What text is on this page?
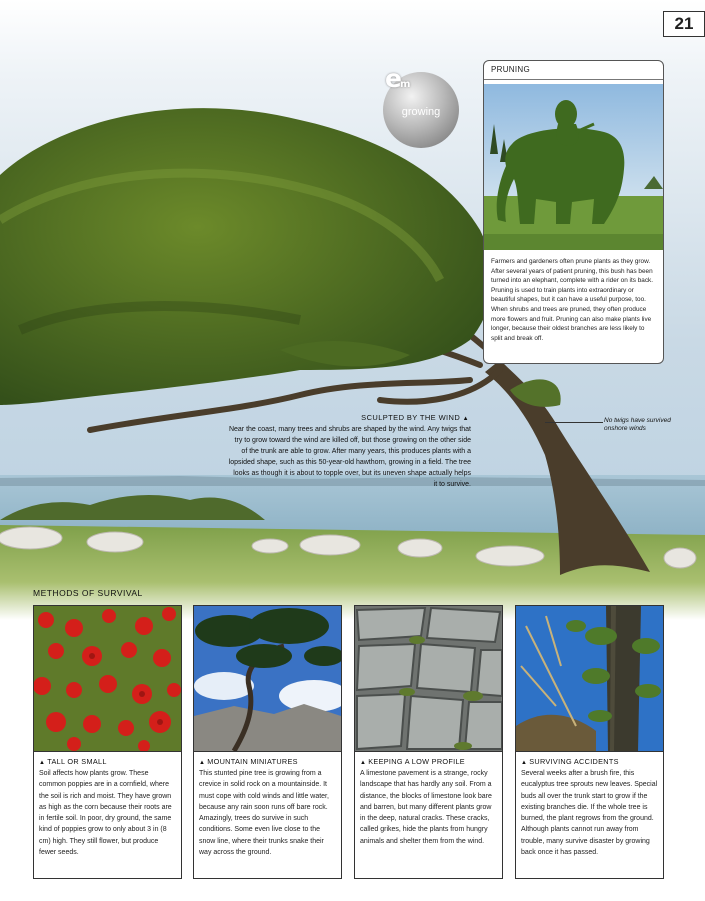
21
em
growing
PRUNING
Farmers and gardeners often prune plants as they grow. After several years of patient pruning, this bush has been turned into an elephant, complete with a rider on its back. Pruning is used to train plants into extraordinary or beautiful shapes, but it can have a useful purpose, too. When shrubs and trees are pruned, they often produce more flowers and fruit. Pruning can also make plants live longer, because their oldest branches are less likely to split and break off.
SCULPTED BY THE WIND ▲
Near the coast, many trees and shrubs are shaped by the wind. Any twigs that try to grow toward the wind are killed off, but those growing on the other side of the trunk are able to grow. After many years, this produces plants with a lopsided shape, such as this 50-year-old hawthorn, growing in a field. The tree looks as though it is about to topple over, but its uneven shape actually helps it to survive.
No twigs have survived onshore winds
METHODS OF SURVIVAL
▲ TALL OR SMALL
Soil affects how plants grow. These common poppies are in a cornfield, where the soil is rich and moist. They have grown as high as the corn because their roots are in fertile soil. In poor, dry ground, the same kind of poppies grow to only about 3 in (8 cm) high. They still flower, but produce fewer seeds.
▲ MOUNTAIN MINIATURES
This stunted pine tree is growing from a crevice in solid rock on a mountainside. It must cope with cold winds and little water, because any rain soon runs off bare rock. Amazingly, trees do survive in such conditions. Some even live close to the snow line, where their trunks snake their way across the ground.
▲ KEEPING A LOW PROFILE
A limestone pavement is a strange, rocky landscape that has hardly any soil. From a distance, the blocks of limestone look bare and barren, but many different plants grow in the deep, natural cracks. These cracks, called grikes, hide the plants from hungry animals and shelter them from the wind.
▲ SURVIVING ACCIDENTS
Several weeks after a brush fire, this eucalyptus tree sprouts new leaves. Special buds all over the trunk start to grow if the existing branches die. If the whole tree is burned, the plant regrows from the ground. Although plants cannot run away from trouble, many survive disaster by growing back once it has passed.
